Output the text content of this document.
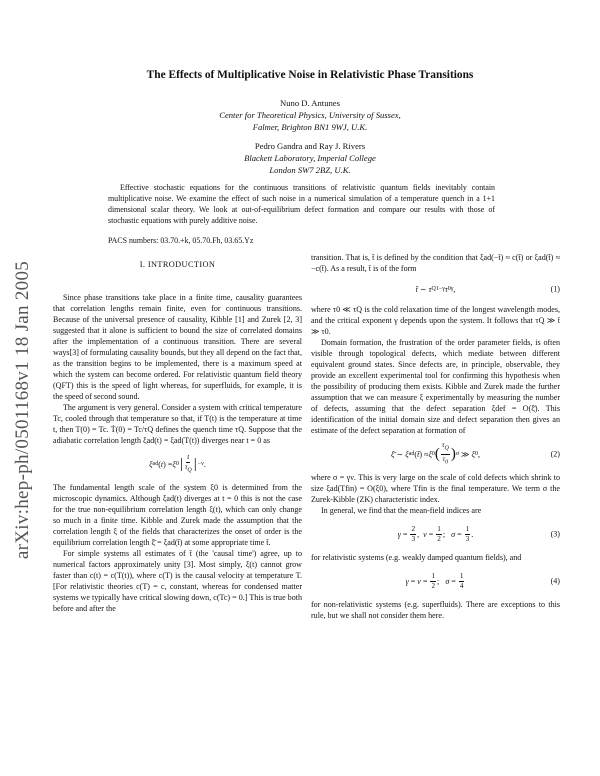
arXiv:hep-ph/0501168v1 18 Jan 2005
The Effects of Multiplicative Noise in Relativistic Phase Transitions
Nuno D. Antunes
Center for Theoretical Physics, University of Sussex,
Falmer, Brighton BN1 9WJ, U.K.
Pedro Gandra and Ray J. Rivers
Blackett Laboratory, Imperial College
London SW7 2BZ, U.K.

Effective stochastic equations for the continuous transitions of relativistic quantum fields inevitably contain multiplicative noise. We examine the effect of such noise in a numerical simulation of a temperature quench in a 1+1 dimensional scalar theory. We look at out-of-equilibrium defect formation and compare our results with those of stochastic equations with purely additive noise.

PACS numbers: 03.70.+k, 05.70.Fh, 03.65.Yz
I. INTRODUCTION

Since phase transitions take place in a finite time, causality guarantees that correlation lengths remain finite, even for continuous transitions. Because of the universal presence of causality, Kibble [1] and Zurek [2, 3] suggested that it alone is sufficient to bound the size of correlated domains after the implementation of a continuous transition. There are several ways[3] of formulating causality bounds, but they all depend on the fact that, as the transition begins to be implemented, there is a maximum speed at which the system can become ordered. For relativistic quantum field theory (QFT) this is the speed of light whereas, for superfluids, for example, it is the speed of second sound.

The argument is very general. Consider a system with critical temperature Tc, cooled through that temperature so that, if T(t) is the temperature at time t, then T(0) = Tc. Ṫ(0) = Tc/τQ defines the quench time τQ. Suppose that the adiabatic correlation length ξad(t) = ξad(T(t)) diverges near t = 0 as

ξ ad ( t ) = ξ 0 | $\frac{t}{\tau_Q}$ | −ν .

The fundamental length scale of the system ξ0 is determined from the microscopic dynamics. Although ξad(t) diverges at t = 0 this is not the case for the true non-equilibrium correlation length ξ(t), which can only change so much in a finite time. Kibble and Zurek made the assumption that the correlation length ξ of the fields that characterizes the onset of order is the equilibrium correlation length ξ̄ = ξad(t̄) at some appropriate time t̄.

For simple systems all estimates of t̄ (the 'causal time') agree, up to numerical factors approximately unity [3]. Most simply, ξ(t) cannot grow faster than c(t) = c(T(t)), where c(T) is the causal velocity at temperature T.[For relativistic theories c(T) = c, constant, whereas for condensed matter systems we typically have critical slowing down, c(Tc) = 0.] This is true both before and after the

transition. That is, t̄ is defined by the condition that ξad(−t̄) ≈ c(t̄) or ξad(t̄) ≈ −c(t̄). As a result, t̄ is of the form

t̄ ∼ τ Q 1−γ τ 0 γ ,	(1)

where τ0 ≪ τQ is the cold relaxation time of the longest wavelength modes, and the critical exponent γ depends upon the system. It follows that τQ ≫ t̄ ≫ τ0.

Domain formation, the frustration of the order parameter fields, is often visible through topological defects, which mediate between different equivalent ground states. Since defects are, in principle, observable, they provide an excellent experimental tool for confirming this hypothesis when the possibility of producing them exists. Kibble and Zurek made the further assumption that we can measure ξ experimentally by measuring the number of defects, assuming that the defect separation ξdef = O(ξ̄). This identification of the initial domain size and defect separation then gives an estimate of the defect separation at formation of

ξ̄ ∼ ξ ad ( t̄ ) ≈ ξ 0 ( $\frac{\tau_Q}{\tau_0}$ ) σ ≫ ξ 0 ,	(2)

where σ = γν. This is very large on the scale of cold defects which shrink to size ξad(Tfin) = O(ξ0), where Tfin is the final temperature. We term σ the Zurek-Kibble (ZK) characteristic index.

In general, we find that the mean-field indices are

$\gamma = \frac{2}{3}$ , $\nu = \frac{1}{2}$ ; $\sigma = \frac{1}{3}$ .	(3)

for relativistic systems (e.g. weakly damped quantum fields), and

$\gamma = \nu = \frac{1}{2}$ ; $\sigma = \frac{1}{4}$	(4)

for non-relativistic systems (e.g. superfluids). There are exceptions to this rule, but we shall not consider them here.
